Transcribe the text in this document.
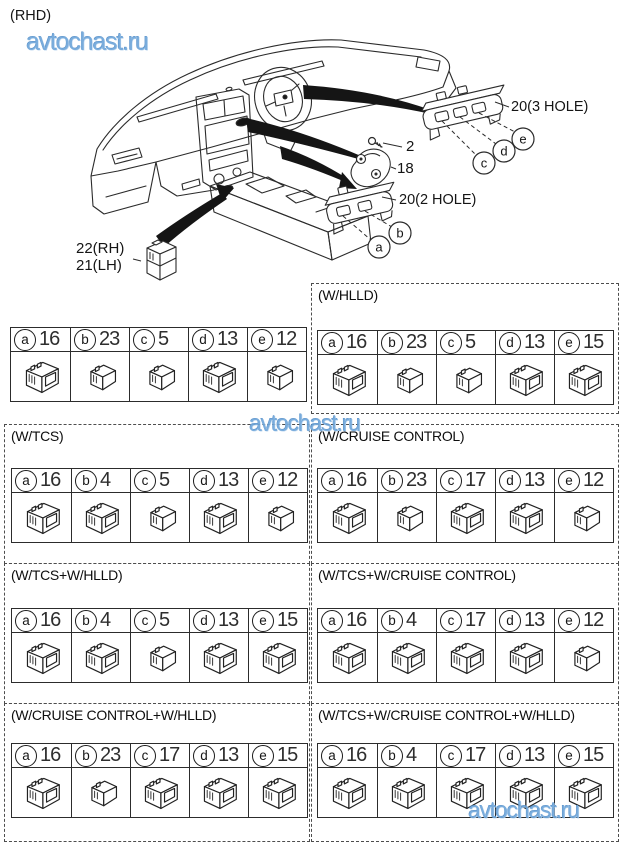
(RHD)
c
d
e
a
b
20(3 HOLE)
2
18
20(2 HOLE)
22(RH)
21(LH)
avtochast.ru
avtochast.ru
avtochast.ru
a 16	b 23	c 5	d 13	e 12
(W/HLLD)
a 16	b 23	c 5	d 13	e 15
(W/TCS)
a 16	b 4	c 5	d 13	e 12
(W/CRUISE CONTROL)
a 16	b 23	c 17	d 13	e 12
(W/TCS+W/HLLD)
a 16	b 4	c 5	d 13	e 15
(W/TCS+W/CRUISE CONTROL)
a 16	b 4	c 17	d 13	e 12
(W/CRUISE CONTROL+W/HLLD)
a 16	b 23	c 17	d 13	e 15
(W/TCS+W/CRUISE CONTROL+W/HLLD)
a 16	b 4	c 17	d 13	e 15
